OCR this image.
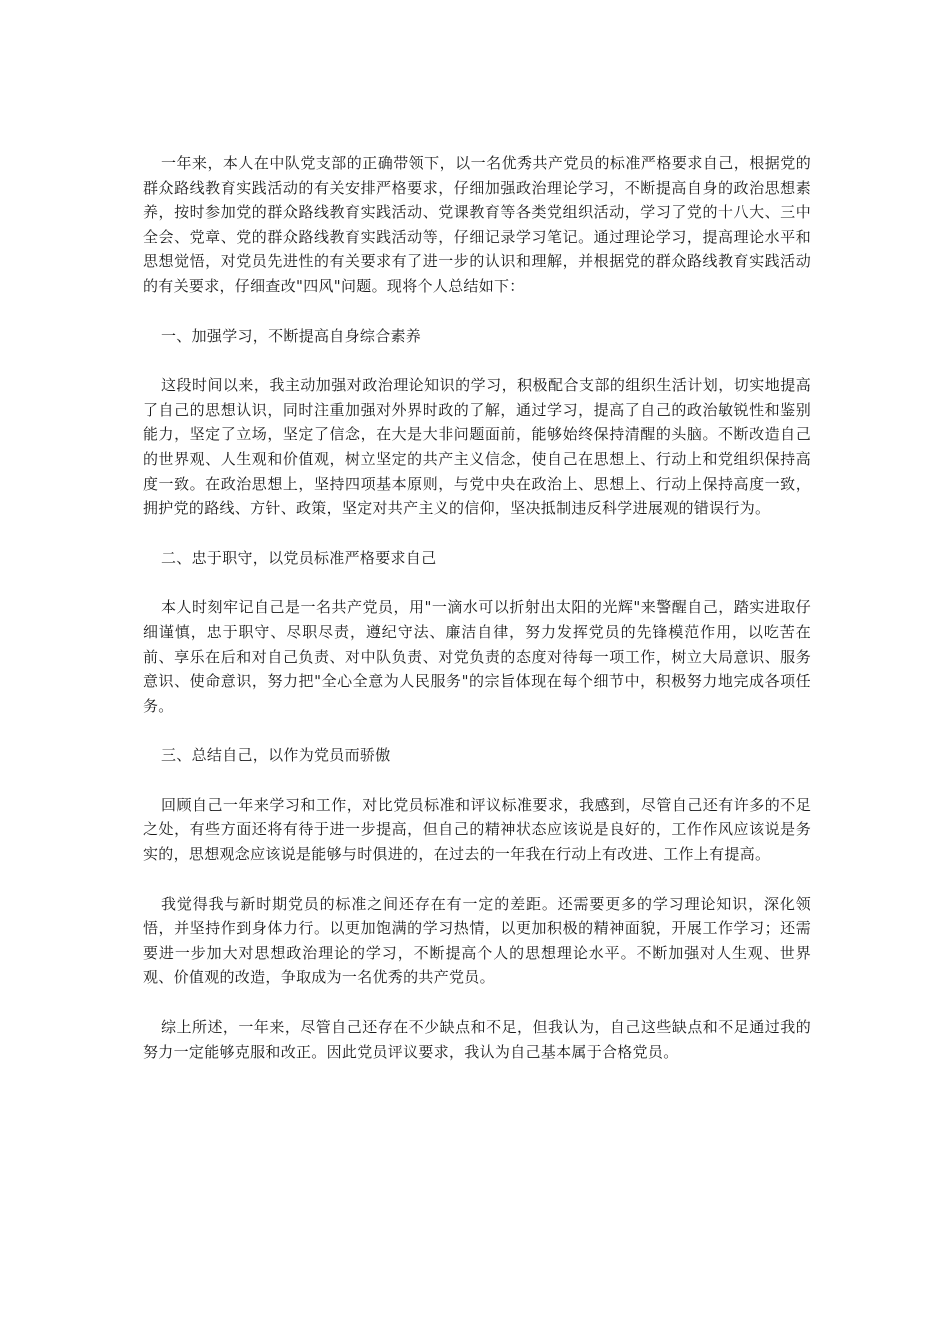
一年来，本人在中队党支部的正确带领下，以一名优秀共产党员的标准严格要求自己，根据党的群众路线教育实践活动的有关安排严格要求，仔细加强政治理论学习，不断提高自身的政治思想素养，按时参加党的群众路线教育实践活动、党课教育等各类党组织活动，学习了党的十八大、三中全会、党章、党的群众路线教育实践活动等，仔细记录学习笔记。通过理论学习，提高理论水平和思想觉悟，对党员先进性的有关要求有了进一步的认识和理解，并根据党的群众路线教育实践活动的有关要求，仔细查改"四风"问题。现将个人总结如下：

一、加强学习，不断提高自身综合素养

这段时间以来，我主动加强对政治理论知识的学习，积极配合支部的组织生活计划，切实地提高了自己的思想认识，同时注重加强对外界时政的了解，通过学习，提高了自己的政治敏锐性和鉴别能力，坚定了立场，坚定了信念，在大是大非问题面前，能够始终保持清醒的头脑。不断改造自己的世界观、人生观和价值观，树立坚定的共产主义信念，使自己在思想上、行动上和党组织保持高度一致。在政治思想上，坚持四项基本原则，与党中央在政治上、思想上、行动上保持高度一致，拥护党的路线、方针、政策，坚定对共产主义的信仰，坚决抵制违反科学进展观的错误行为。

二、忠于职守，以党员标准严格要求自己

本人时刻牢记自己是一名共产党员，用"一滴水可以折射出太阳的光辉"来警醒自己，踏实进取仔细谨慎，忠于职守、尽职尽责，遵纪守法、廉洁自律，努力发挥党员的先锋模范作用，以吃苦在前、享乐在后和对自己负责、对中队负责、对党负责的态度对待每一项工作，树立大局意识、服务意识、使命意识，努力把"全心全意为人民服务"的宗旨体现在每个细节中，积极努力地完成各项任务。

三、总结自己，以作为党员而骄傲

回顾自己一年来学习和工作，对比党员标准和评议标准要求，我感到，尽管自己还有许多的不足之处，有些方面还将有待于进一步提高，但自己的精神状态应该说是良好的，工作作风应该说是务实的，思想观念应该说是能够与时俱进的，在过去的一年我在行动上有改进、工作上有提高。

我觉得我与新时期党员的标准之间还存在有一定的差距。还需要更多的学习理论知识，深化领悟，并坚持作到身体力行。以更加饱满的学习热情，以更加积极的精神面貌，开展工作学习；还需要进一步加大对思想政治理论的学习，不断提高个人的思想理论水平。不断加强对人生观、世界观、价值观的改造，争取成为一名优秀的共产党员。

综上所述，一年来，尽管自己还存在不少缺点和不足，但我认为，自己这些缺点和不足通过我的努力一定能够克服和改正。因此党员评议要求，我认为自己基本属于合格党员。
